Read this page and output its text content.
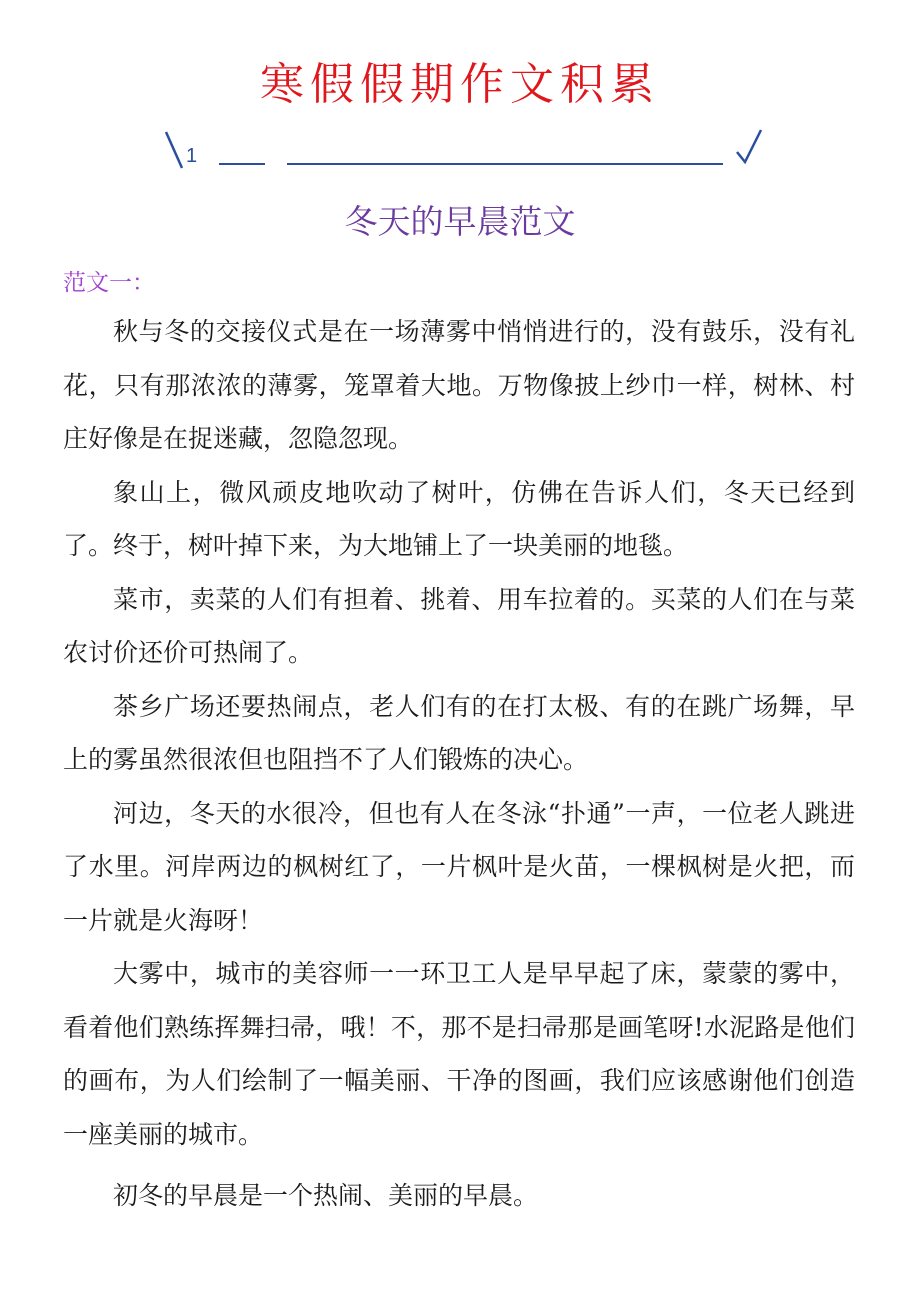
寒假假期作文积累
1
冬天的早晨范文
范文一：

秋与冬的交接仪式是在一场薄雾中悄悄进行的，没有鼓乐，没有礼花，只有那浓浓的薄雾，笼罩着大地。万物像披上纱巾一样，树林、村庄好像是在捉迷藏，忽隐忽现。

象山上，微风顽皮地吹动了树叶，仿佛在告诉人们，冬天已经到了。终于，树叶掉下来，为大地铺上了一块美丽的地毯。

菜市，卖菜的人们有担着、挑着、用车拉着的。买菜的人们在与菜农讨价还价可热闹了。

茶乡广场还要热闹点，老人们有的在打太极、有的在跳广场舞，早上的雾虽然很浓但也阻挡不了人们锻炼的决心。

河边，冬天的水很冷，但也有人在冬泳“扑通”一声，一位老人跳进了水里。河岸两边的枫树红了，一片枫叶是火苗，一棵枫树是火把，而一片就是火海呀！

大雾中，城市的美容师一一环卫工人是早早起了床，蒙蒙的雾中，看着他们熟练挥舞扫帚，哦！不，那不是扫帚那是画笔呀!水泥路是他们的画布，为人们绘制了一幅美丽、干净的图画，我们应该感谢他们创造一座美丽的城市。

初冬的早晨是一个热闹、美丽的早晨。
